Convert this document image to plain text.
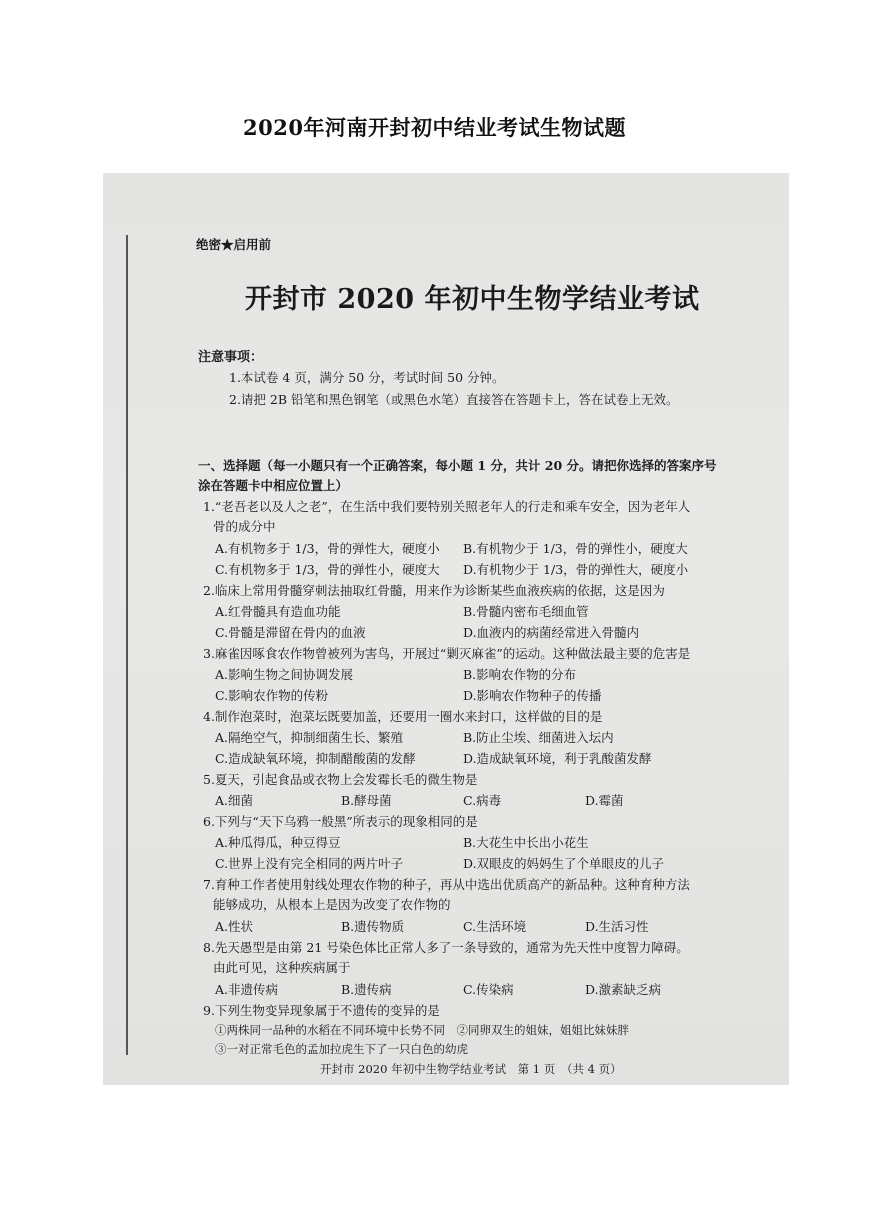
2020年河南开封初中结业考试生物试题
绝密★启用前
开封市 2020 年初中生物学结业考试
注意事项：
1.本试卷 4 页，满分 50 分，考试时间 50 分钟。
2.请把 2B 铅笔和黑色钢笔（或黑色水笔）直接答在答题卡上，答在试卷上无效。
一、选择题（每一小题只有一个正确答案，每小题 1 分，共计 20 分。请把你选择的答案序号
涂在答题卡中相应位置上）
1.“老吾老以及人之老”，在生活中我们要特别关照老年人的行走和乘车安全，因为老年人
骨的成分中
A.有机物多于 1/3，骨的弹性大，硬度小 B.有机物少于 1/3，骨的弹性小，硬度大
C.有机物多于 1/3，骨的弹性小，硬度大 D.有机物少于 1/3，骨的弹性大，硬度小
2.临床上常用骨髓穿刺法抽取红骨髓，用来作为诊断某些血液疾病的依据，这是因为
A.红骨髓具有造血功能	B.骨髓内密布毛细血管
C.骨髓是滞留在骨内的血液	D.血液内的病菌经常进入骨髓内
3.麻雀因啄食农作物曾被列为害鸟，开展过“剿灭麻雀”的运动。这种做法最主要的危害是
A.影响生物之间协调发展	B.影响农作物的分布
C.影响农作物的传粉	D.影响农作物种子的传播
4.制作泡菜时，泡菜坛既要加盖，还要用一圈水来封口，这样做的目的是
A.隔绝空气，抑制细菌生长、繁殖	B.防止尘埃、细菌进入坛内
C.造成缺氧环境，抑制醋酸菌的发酵	D.造成缺氧环境，利于乳酸菌发酵
5.夏天，引起食品或衣物上会发霉长毛的微生物是
A.细菌	B.酵母菌	C.病毒	D.霉菌
6.下列与“天下乌鸦一般黑”所表示的现象相同的是
A.种瓜得瓜，种豆得豆	B.大花生中长出小花生
C.世界上没有完全相同的两片叶子	D.双眼皮的妈妈生了个单眼皮的儿子
7.育种工作者使用射线处理农作物的种子，再从中选出优质高产的新品种。这种育种方法
能够成功，从根本上是因为改变了农作物的
A.性状	B.遗传物质	C.生活环境	D.生活习性
8.先天愚型是由第 21 号染色体比正常人多了一条导致的，通常为先天性中度智力障碍。
由此可见，这种疾病属于
A.非遗传病	B.遗传病	C.传染病	D.激素缺乏病
9.下列生物变异现象属于不遗传的变异的是
①两株同一品种的水稻在不同环境中长势不同　②同卵双生的姐妹，姐姐比妹妹胖
③一对正常毛色的孟加拉虎生下了一只白色的幼虎
开封市 2020 年初中生物学结业考试　第 1 页　（共 4 页）
